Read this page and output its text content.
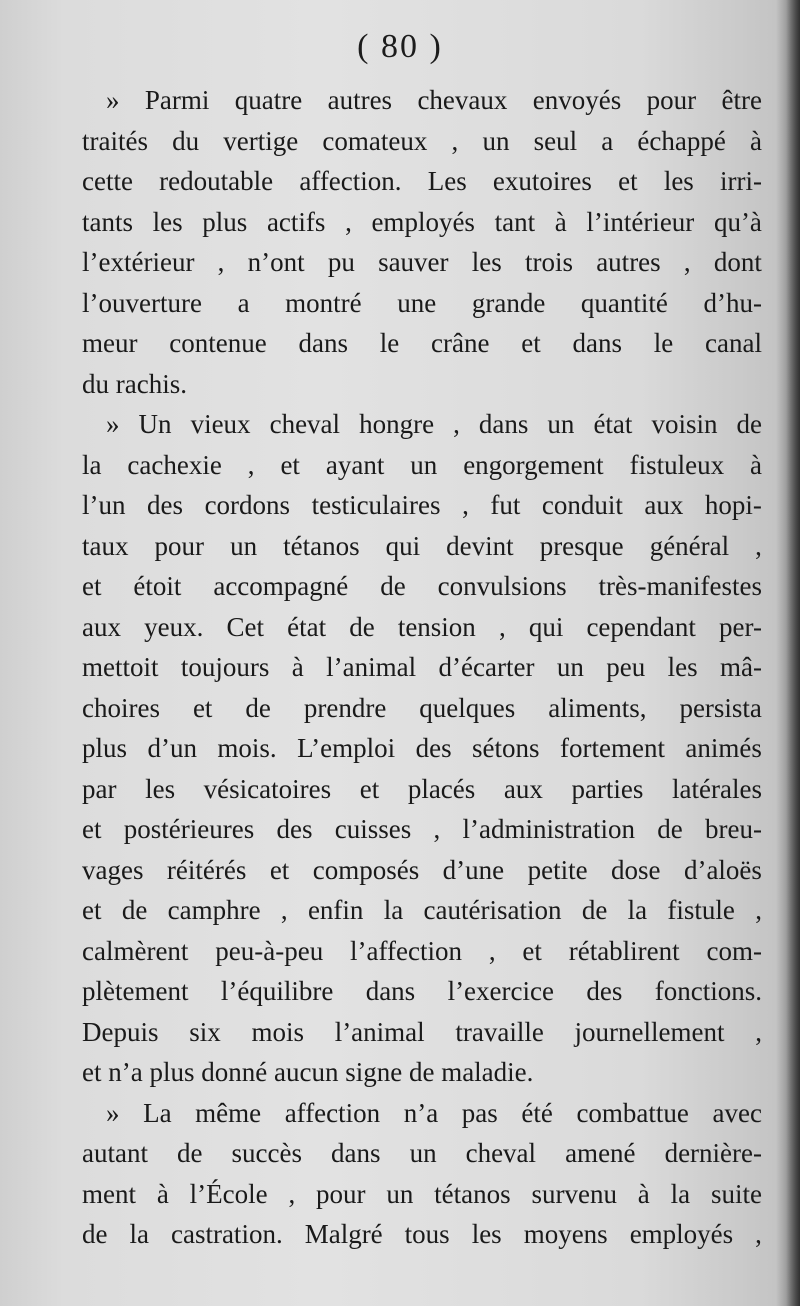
( 80 )
» Parmi quatre autres chevaux envoyés pour être
traités du vertige comateux , un seul a échappé à
cette redoutable affection. Les exutoires et les irri-
tants les plus actifs , employés tant à l’intérieur qu’à
l’extérieur , n’ont pu sauver les trois autres , dont
l’ouverture a montré une grande quantité d’hu-
meur contenue dans le crâne et dans le canal
du
rachis.
» Un vieux cheval hongre , dans un état voisin de
la cachexie , et ayant un engorgement fistuleux à
l’un des cordons testiculaires , fut conduit aux hopi-
taux pour un tétanos qui devint presque général ,
et étoit accompagné de convulsions très-manifestes
aux yeux. Cet état de tension , qui cependant per-
mettoit toujours à l’animal d’écarter un peu les mâ-
choires et de prendre quelques aliments, persista
plus d’un mois. L’emploi des sétons fortement animés
par les vésicatoires et placés aux parties latérales
et postérieures des cuisses , l’administration de breu-
vages réitérés et composés d’une petite dose d’aloës
et de camphre , enfin la cautérisation de la fistule ,
calmèrent peu-à-peu l’affection , et rétablirent com-
plètement l’équilibre dans l’exercice des fonctions.
Depuis six mois l’animal travaille journellement ,
et
n’a
plus
donné
aucun
signe
de
maladie.
» La même affection n’a pas été combattue avec
autant de succès dans un cheval amené dernière-
ment à l’École , pour un tétanos survenu à la suite
de la castration. Malgré tous les moyens employés ,
